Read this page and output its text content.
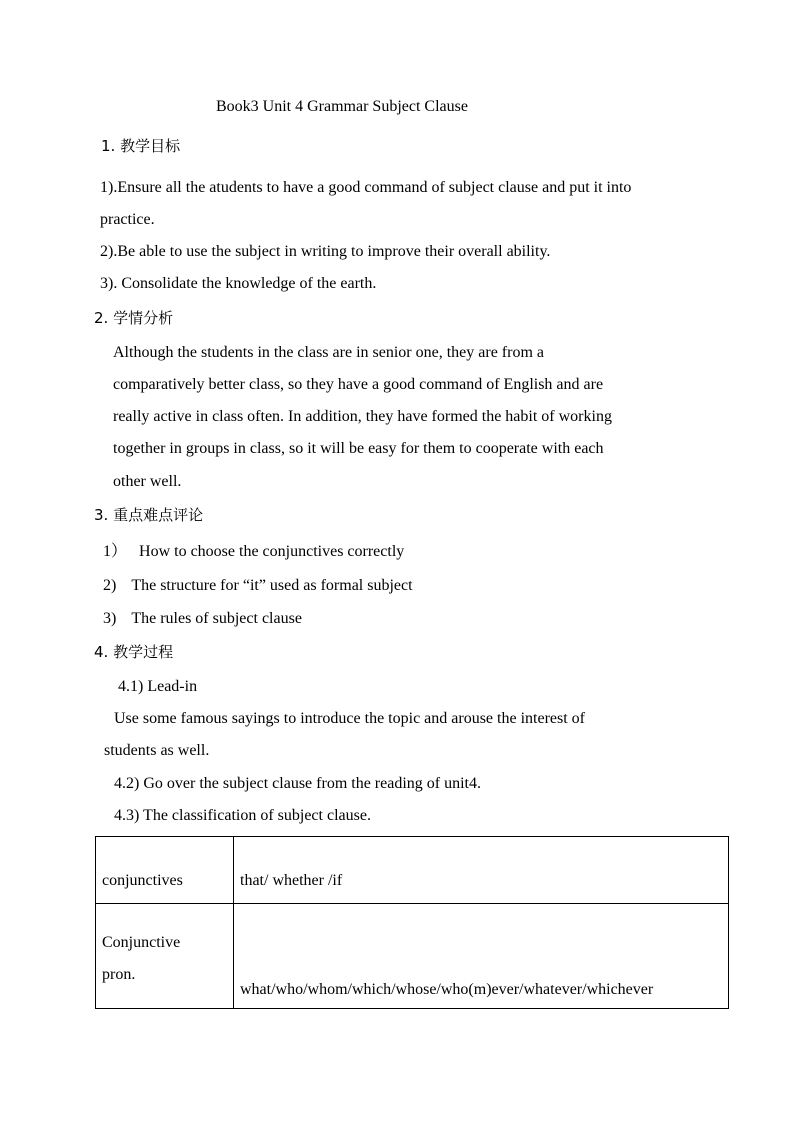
Book3 Unit 4 Grammar Subject Clause
1. 教学目标
1).Ensure all the atudents to have a good command of subject clause and put it into
practice.
2).Be able to use the subject in writing to improve their overall ability.
3). Consolidate the knowledge of the earth.
2. 学情分析
Although the students in the class are in senior one, they are from a
comparatively better class, so they have a good command of English and are
really active in class often. In addition, they have formed the habit of working
together in groups in class, so it will be easy for them to cooperate with each
other well.
3. 重点难点评论
1） How to choose the conjunctives correctly
2) The structure for “it” used as formal subject
3) The rules of subject clause
4. 教学过程
4.1) Lead-in
Use some famous sayings to introduce the topic and arouse the interest of
students as well.
4.2) Go over the subject clause from the reading of unit4.
4.3) The classification of subject clause.
conjunctives	that/ whether /if

Conjunctive
pron.	what/who/whom/which/whose/who(m)ever/whatever/whichever
